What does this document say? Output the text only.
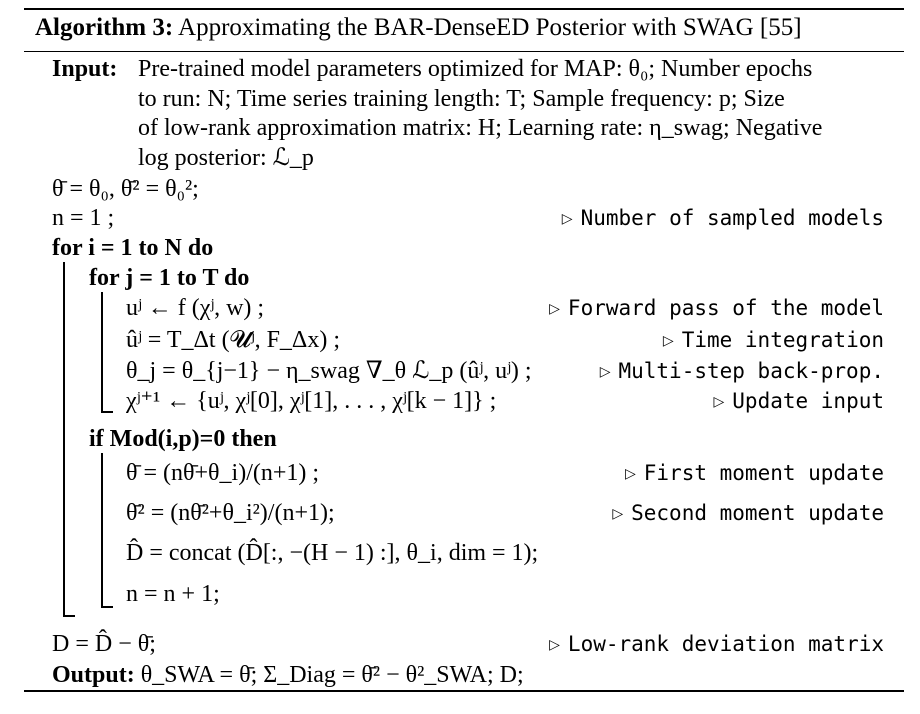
Algorithm 3: Approximating the BAR-DenseED Posterior with SWAG [55]
Input: Pre-trained model parameters optimized for MAP: θ₀; Number epochs
to run: N; Time series training length: T; Sample frequency: p; Size
of low-rank approximation matrix: H; Learning rate: η_swag; Negative
log posterior: ℒ_p
θ̄ = θ₀, θ̄² = θ₀²;
n = 1 ;	▷ Number of sampled models
for i = 1 to N do
for j = 1 to T do
uʲ ← f (χʲ, w) ;	▷ Forward pass of the model
ûʲ = T_Δt (𝓤ʲ, F_Δx) ;	▷ Time integration
θ_j = θ_{j−1} − η_swag ∇_θ ℒ_p (ûʲ, uʲ) ;	▷ Multi-step back-prop.
χʲ⁺¹ ← {uʲ, χʲ[0], χʲ[1], . . . , χʲ[k − 1]} ;	▷ Update input
if Mod(i,p)=0 then
θ̄ = (nθ̄+θ_i)/(n+1) ;	▷ First moment update
θ̄² = (nθ̄²+θ_i²)/(n+1);	▷ Second moment update
D̂ = concat (D̂[:, −(H − 1) :], θ_i, dim = 1);
n = n + 1;
D = D̂ − θ̄;	▷ Low-rank deviation matrix
Output: θ_SWA = θ̄; Σ_Diag = θ̄² − θ²_SWA; D;
